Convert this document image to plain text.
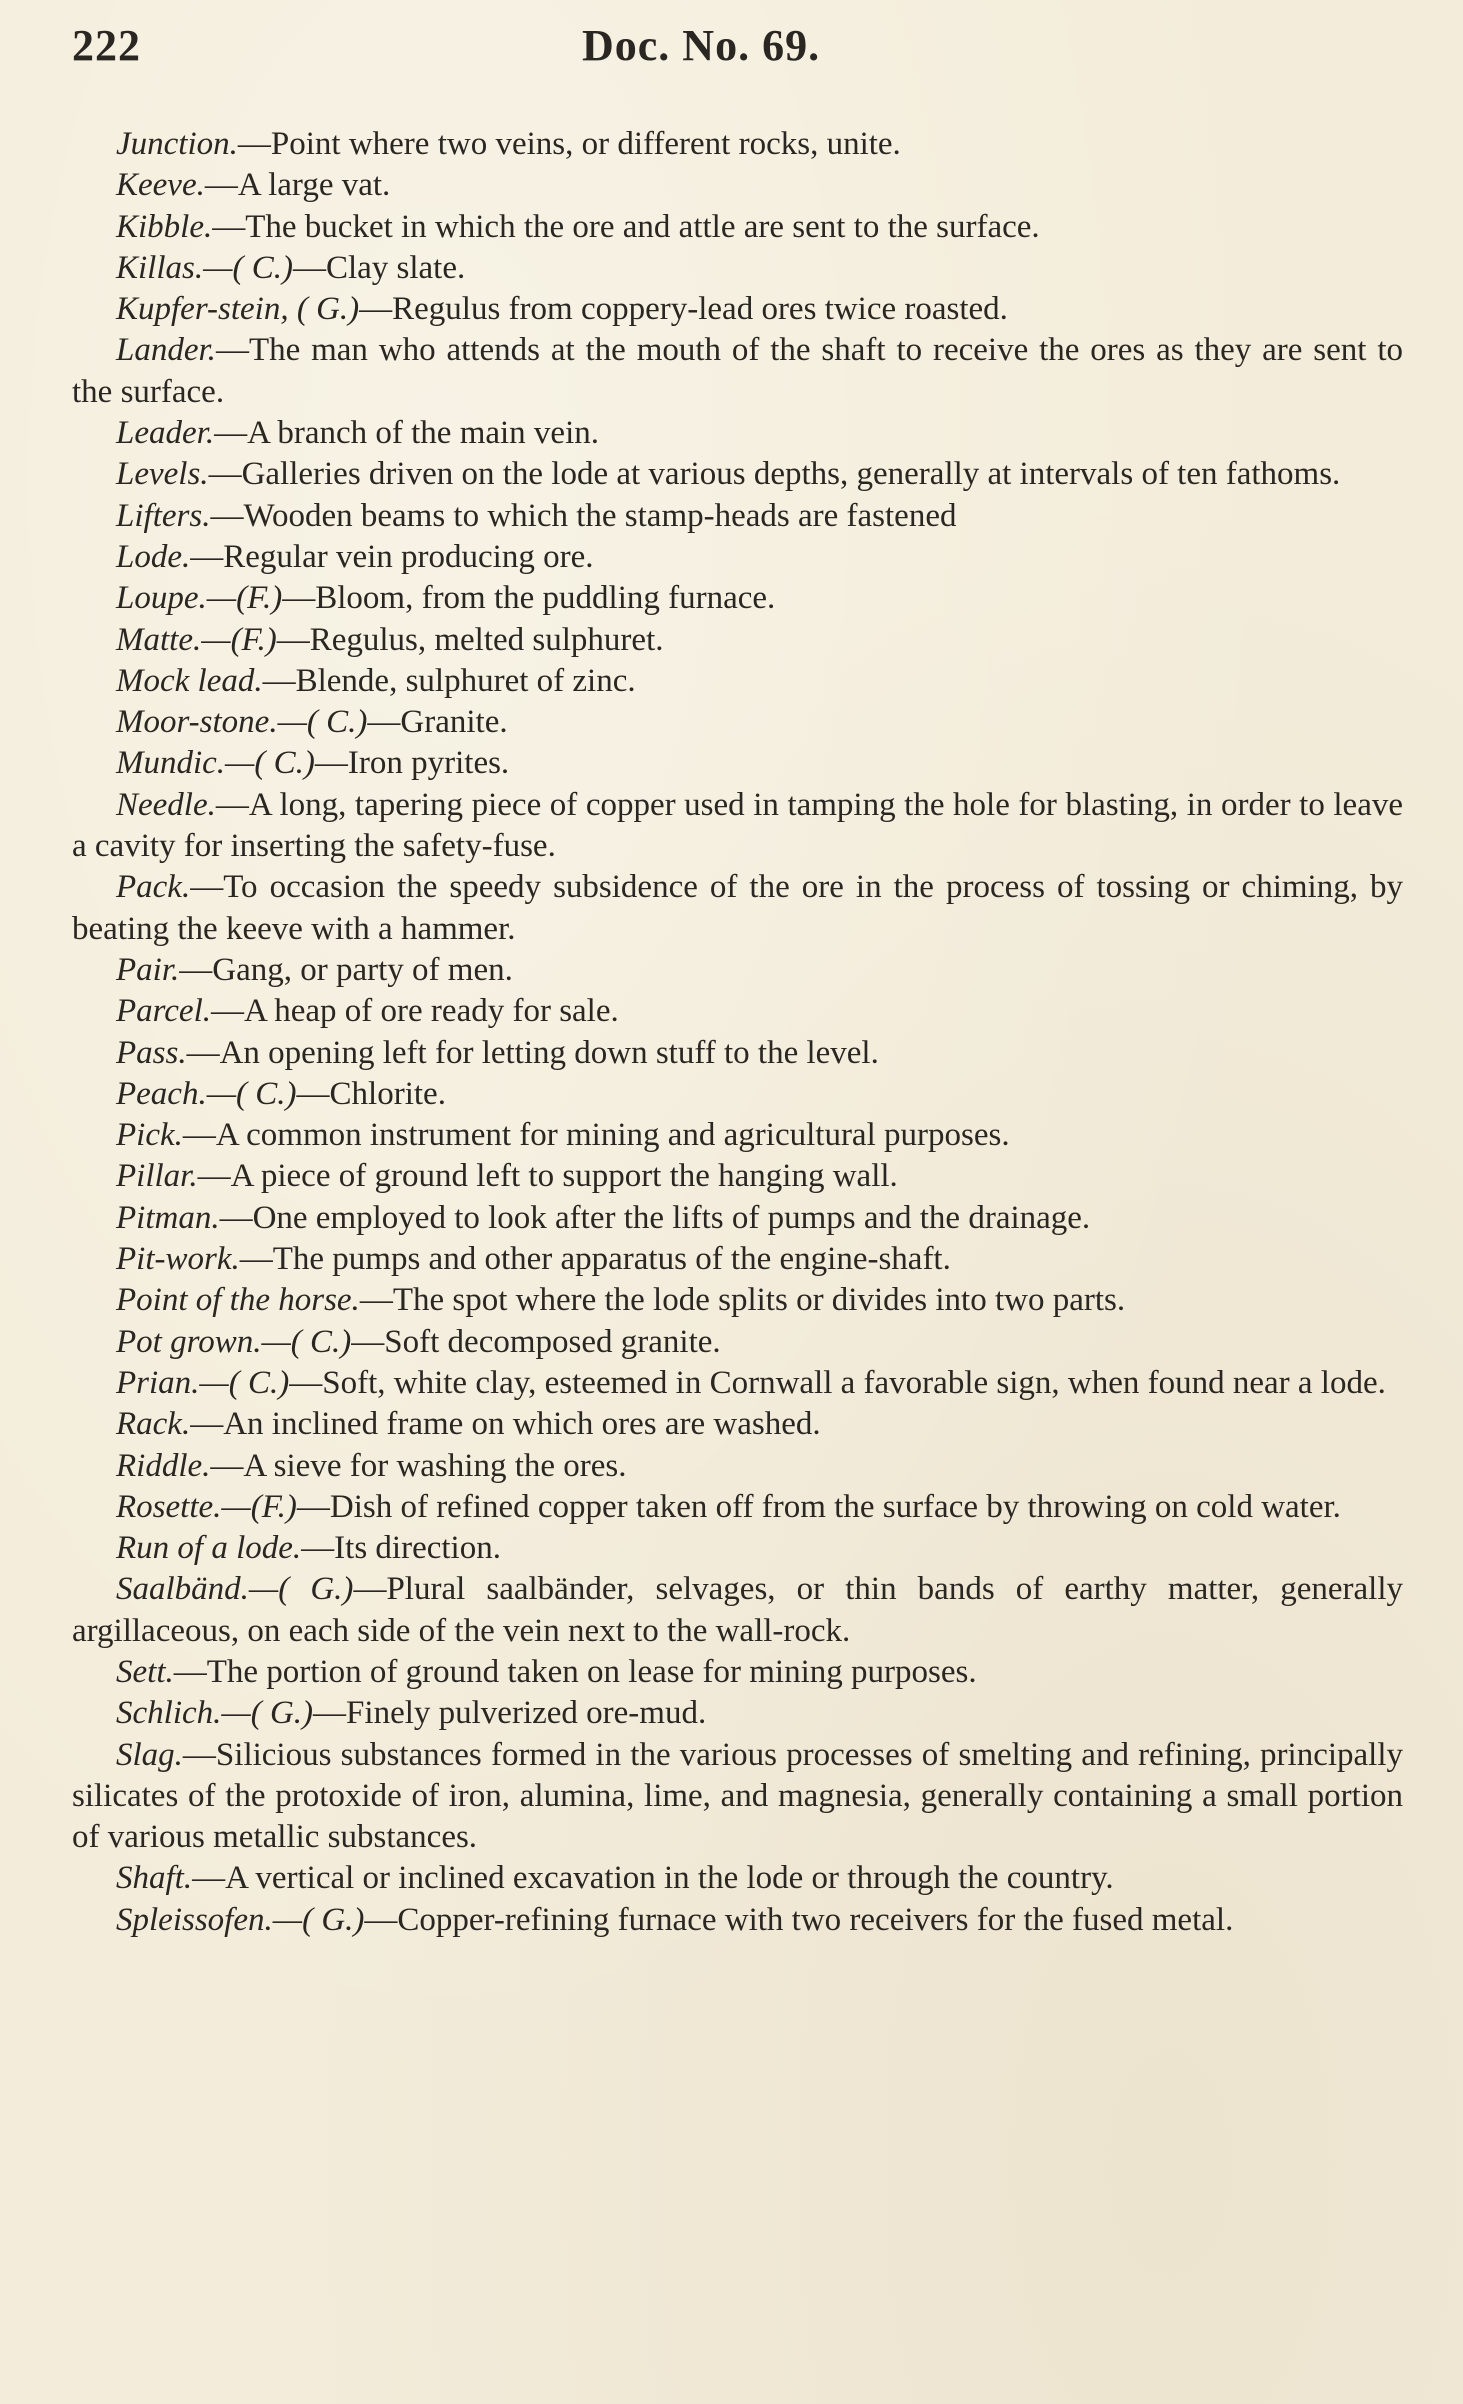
222	Doc. No. 69.

Junction.—Point where two veins, or different rocks, unite.

Keeve.—A large vat.

Kibble.—The bucket in which the ore and attle are sent to the surface.

Killas.—( C.)—Clay slate.

Kupfer-stein, ( G.)—Regulus from coppery-lead ores twice roasted.

Lander.—The man who attends at the mouth of the shaft to receive the ores as they are sent to the surface.

Leader.—A branch of the main vein.

Levels.—Galleries driven on the lode at various depths, generally at intervals of ten fathoms.

Lifters.—Wooden beams to which the stamp-heads are fastened

Lode.—Regular vein producing ore.

Loupe.—(F.)—Bloom, from the puddling furnace.

Matte.—(F.)—Regulus, melted sulphuret.

Mock lead.—Blende, sulphuret of zinc.

Moor-stone.—( C.)—Granite.

Mundic.—( C.)—Iron pyrites.

Needle.—A long, tapering piece of copper used in tamping the hole for blasting, in order to leave a cavity for inserting the safety-fuse.

Pack.—To occasion the speedy subsidence of the ore in the process of tossing or chiming, by beating the keeve with a hammer.

Pair.—Gang, or party of men.

Parcel.—A heap of ore ready for sale.

Pass.—An opening left for letting down stuff to the level.

Peach.—( C.)—Chlorite.

Pick.—A common instrument for mining and agricultural purposes.

Pillar.—A piece of ground left to support the hanging wall.

Pitman.—One employed to look after the lifts of pumps and the drainage.

Pit-work.—The pumps and other apparatus of the engine-shaft.

Point of the horse.—The spot where the lode splits or divides into two parts.

Pot grown.—( C.)—Soft decomposed granite.

Prian.—( C.)—Soft, white clay, esteemed in Cornwall a favorable sign, when found near a lode.

Rack.—An inclined frame on which ores are washed.

Riddle.—A sieve for washing the ores.

Rosette.—(F.)—Dish of refined copper taken off from the surface by throwing on cold water.

Run of a lode.—Its direction.

Saalbänd.—( G.)—Plural saalbänder, selvages, or thin bands of earthy matter, generally argillaceous, on each side of the vein next to the wall-rock.

Sett.—The portion of ground taken on lease for mining purposes.

Schlich.—( G.)—Finely pulverized ore-mud.

Slag.—Silicious substances formed in the various processes of smelting and refining, principally silicates of the protoxide of iron, alumina, lime, and magnesia, generally containing a small portion of various metallic substances.

Shaft.—A vertical or inclined excavation in the lode or through the country.

Spleissofen.—( G.)—Copper-refining furnace with two receivers for the fused metal.
